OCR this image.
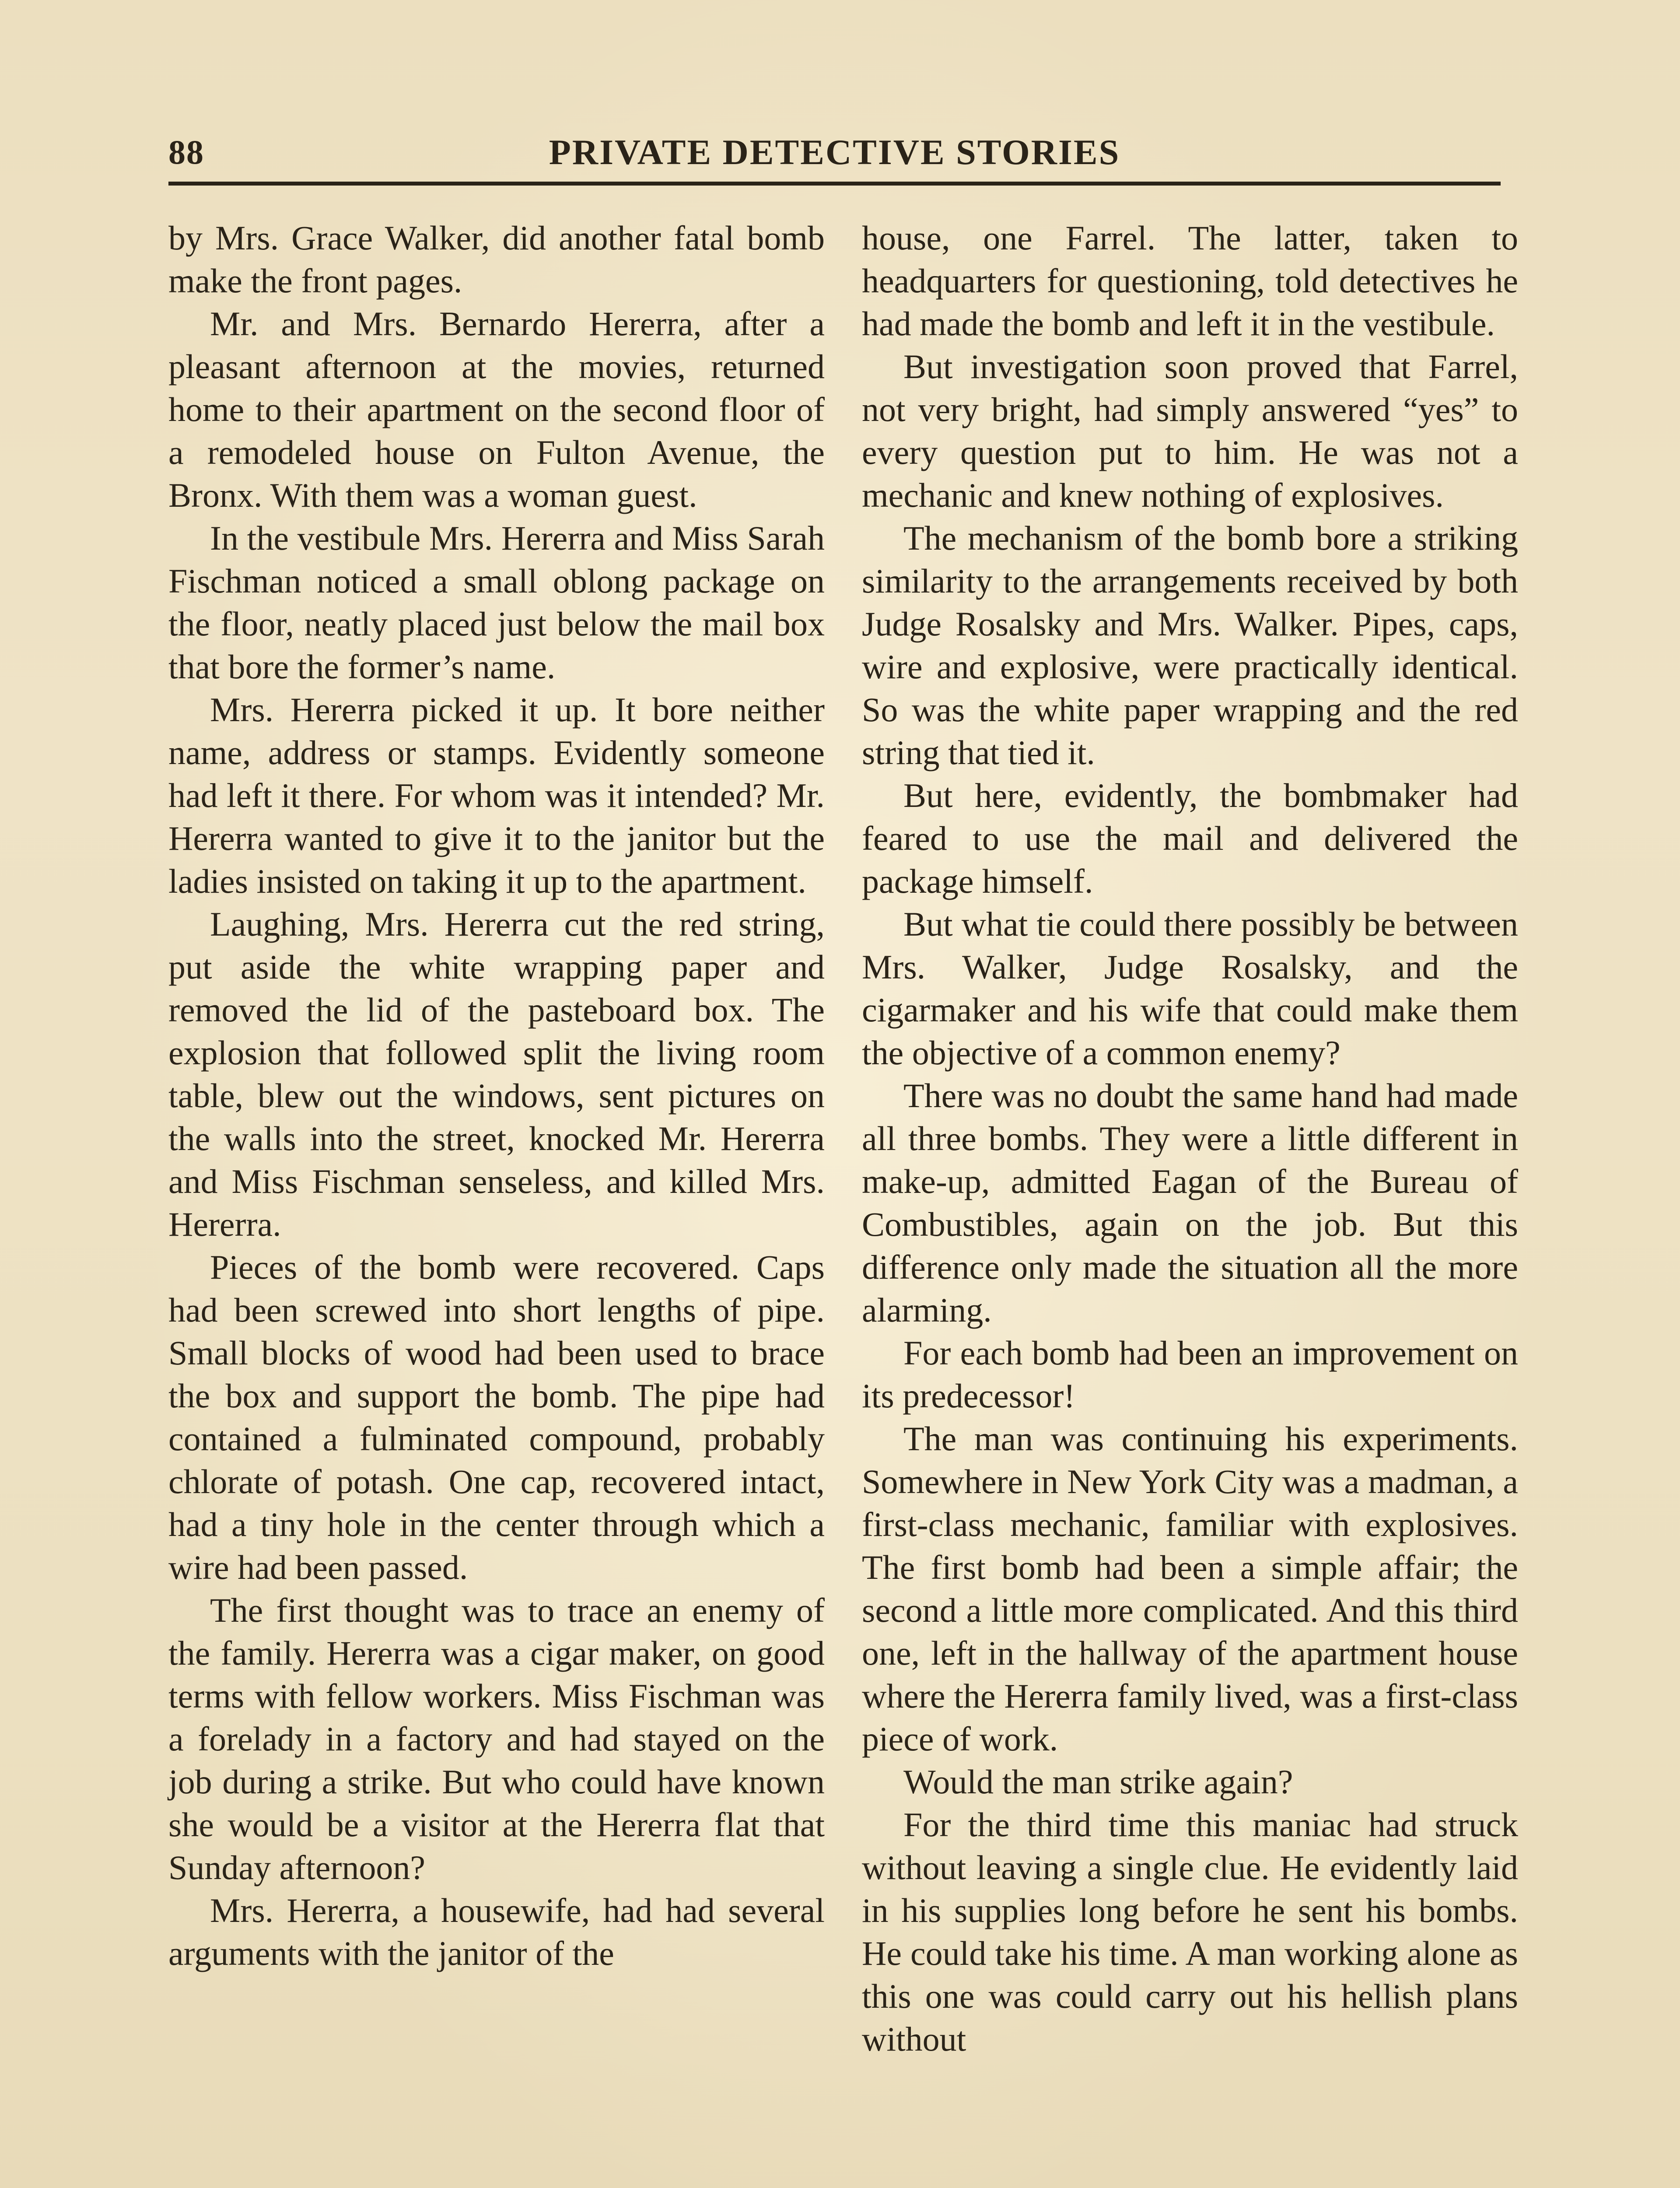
88	PRIVATE DETECTIVE STORIES

by Mrs. Grace Walker, did another fatal bomb make the front pages.

Mr. and Mrs. Bernardo Hererra, after a pleasant afternoon at the movies, returned home to their apartment on the second floor of a remodeled house on Fulton Avenue, the Bronx. With them was a woman guest.

In the vestibule Mrs. Hererra and Miss Sarah Fischman noticed a small oblong package on the floor, neatly placed just below the mail box that bore the former’s name.

Mrs. Hererra picked it up. It bore neither name, address or stamps. Evidently someone had left it there. For whom was it intended? Mr. Hererra wanted to give it to the janitor but the ladies insisted on taking it up to the apartment.

Laughing, Mrs. Hererra cut the red string, put aside the white wrapping paper and removed the lid of the pasteboard box. The explosion that followed split the living room table, blew out the windows, sent pictures on the walls into the street, knocked Mr. Hererra and Miss Fischman senseless, and killed Mrs. Hererra.

Pieces of the bomb were recovered. Caps had been screwed into short lengths of pipe. Small blocks of wood had been used to brace the box and support the bomb. The pipe had contained a fulminated compound, probably chlorate of potash. One cap, recovered intact, had a tiny hole in the center through which a wire had been passed.

The first thought was to trace an enemy of the family. Hererra was a cigar maker, on good terms with fellow workers. Miss Fischman was a forelady in a factory and had stayed on the job during a strike. But who could have known she would be a visitor at the Hererra flat that Sunday afternoon?

Mrs. Hererra, a housewife, had had several arguments with the janitor of the

house, one Farrel. The latter, taken to headquarters for questioning, told detectives he had made the bomb and left it in the vestibule.

But investigation soon proved that Farrel, not very bright, had simply answered “yes” to every question put to him. He was not a mechanic and knew nothing of explosives.

The mechanism of the bomb bore a striking similarity to the arrangements received by both Judge Rosalsky and Mrs. Walker. Pipes, caps, wire and explosive, were practically identical. So was the white paper wrapping and the red string that tied it.

But here, evidently, the bombmaker had feared to use the mail and delivered the package himself.

But what tie could there possibly be between Mrs. Walker, Judge Rosalsky, and the cigarmaker and his wife that could make them the objective of a common enemy?

There was no doubt the same hand had made all three bombs. They were a little different in make-up, admitted Eagan of the Bureau of Combustibles, again on the job. But this difference only made the situation all the more alarming.

For each bomb had been an improvement on its predecessor!

The man was continuing his experiments. Somewhere in New York City was a madman, a first-class mechanic, familiar with explosives. The first bomb had been a simple affair; the second a little more complicated. And this third one, left in the hallway of the apartment house where the Hererra family lived, was a first-class piece of work.

Would the man strike again?

For the third time this maniac had struck without leaving a single clue. He evidently laid in his supplies long before he sent his bombs. He could take his time. A man working alone as this one was could carry out his hellish plans without
